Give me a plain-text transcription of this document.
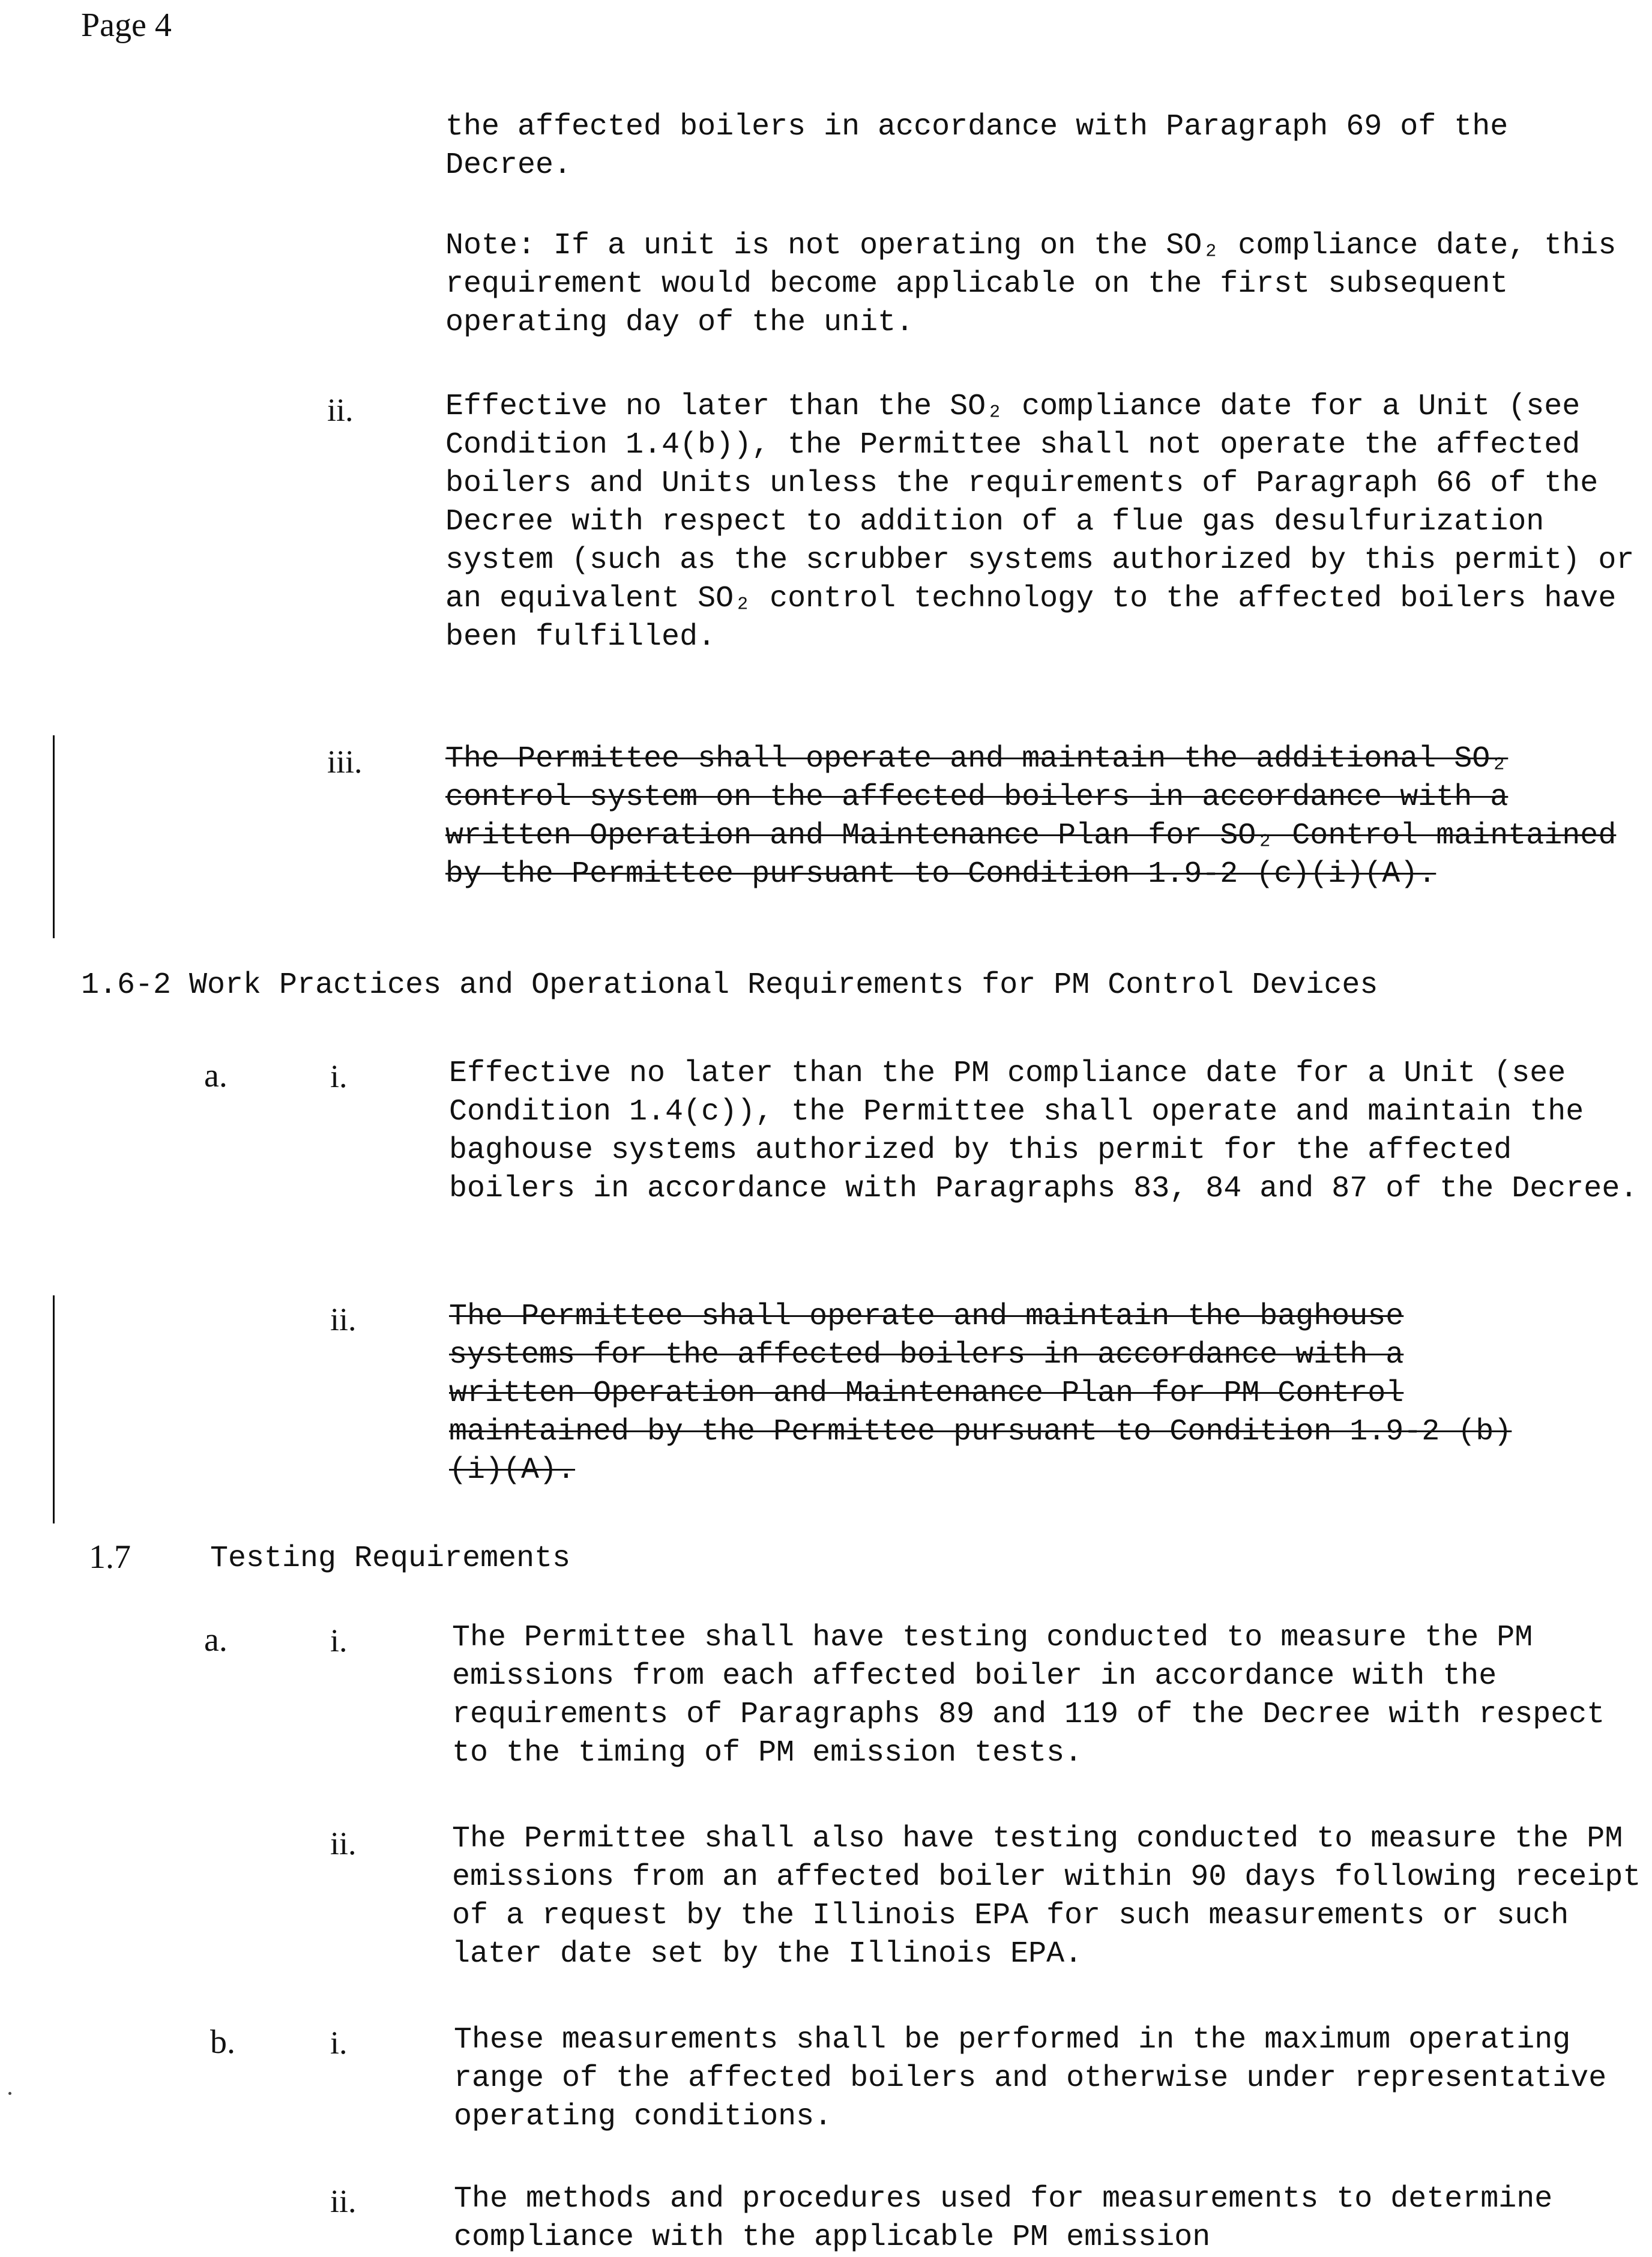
Page 4
the affected boilers in accordance with Paragraph 69 of the Decree.
Note: If a unit is not operating on the SO₂ compliance date, this requirement would become applicable on the first subsequent operating day of the unit.
ii.	Effective no later than the SO₂ compliance date for a Unit (see Condition 1.4(b)), the Permittee shall not operate the affected boilers and Units unless the requirements of Paragraph 66 of the Decree with respect to addition of a flue gas desulfurization system (such as the scrubber systems authorized by this permit) or an equivalent SO₂ control technology to the affected boilers have been fulfilled.
iii.	The Permittee shall operate and maintain the additional SO₂ control system on the affected boilers in accordance with a written Operation and Maintenance Plan for SO₂ Control maintained by the Permittee pursuant to Condition 1.9-2 (c)(i)(A).
1.6-2 Work Practices and Operational Requirements for PM Control Devices
a.	i.	Effective no later than the PM compliance date for a Unit (see Condition 1.4(c)), the Permittee shall operate and maintain the baghouse systems authorized by this permit for the affected boilers in accordance with Paragraphs 83, 84 and 87 of the Decree.
ii.	The Permittee shall operate and maintain the baghouse systems for the affected boilers in accordance with a written Operation and Maintenance Plan for PM Control maintained by the Permittee pursuant to Condition 1.9-2 (b)(i)(A).
1.7	Testing Requirements
a.	i.	The Permittee shall have testing conducted to measure the PM emissions from each affected boiler in accordance with the requirements of Paragraphs 89 and 119 of the Decree with respect to the timing of PM emission tests.
ii.	The Permittee shall also have testing conducted to measure the PM emissions from an affected boiler within 90 days following receipt of a request by the Illinois EPA for such measurements or such later date set by the Illinois EPA.
b.	i.	These measurements shall be performed in the maximum operating range of the affected boilers and otherwise under representative operating conditions.
ii.	The methods and procedures used for measurements to determine compliance with the applicable PM emission
